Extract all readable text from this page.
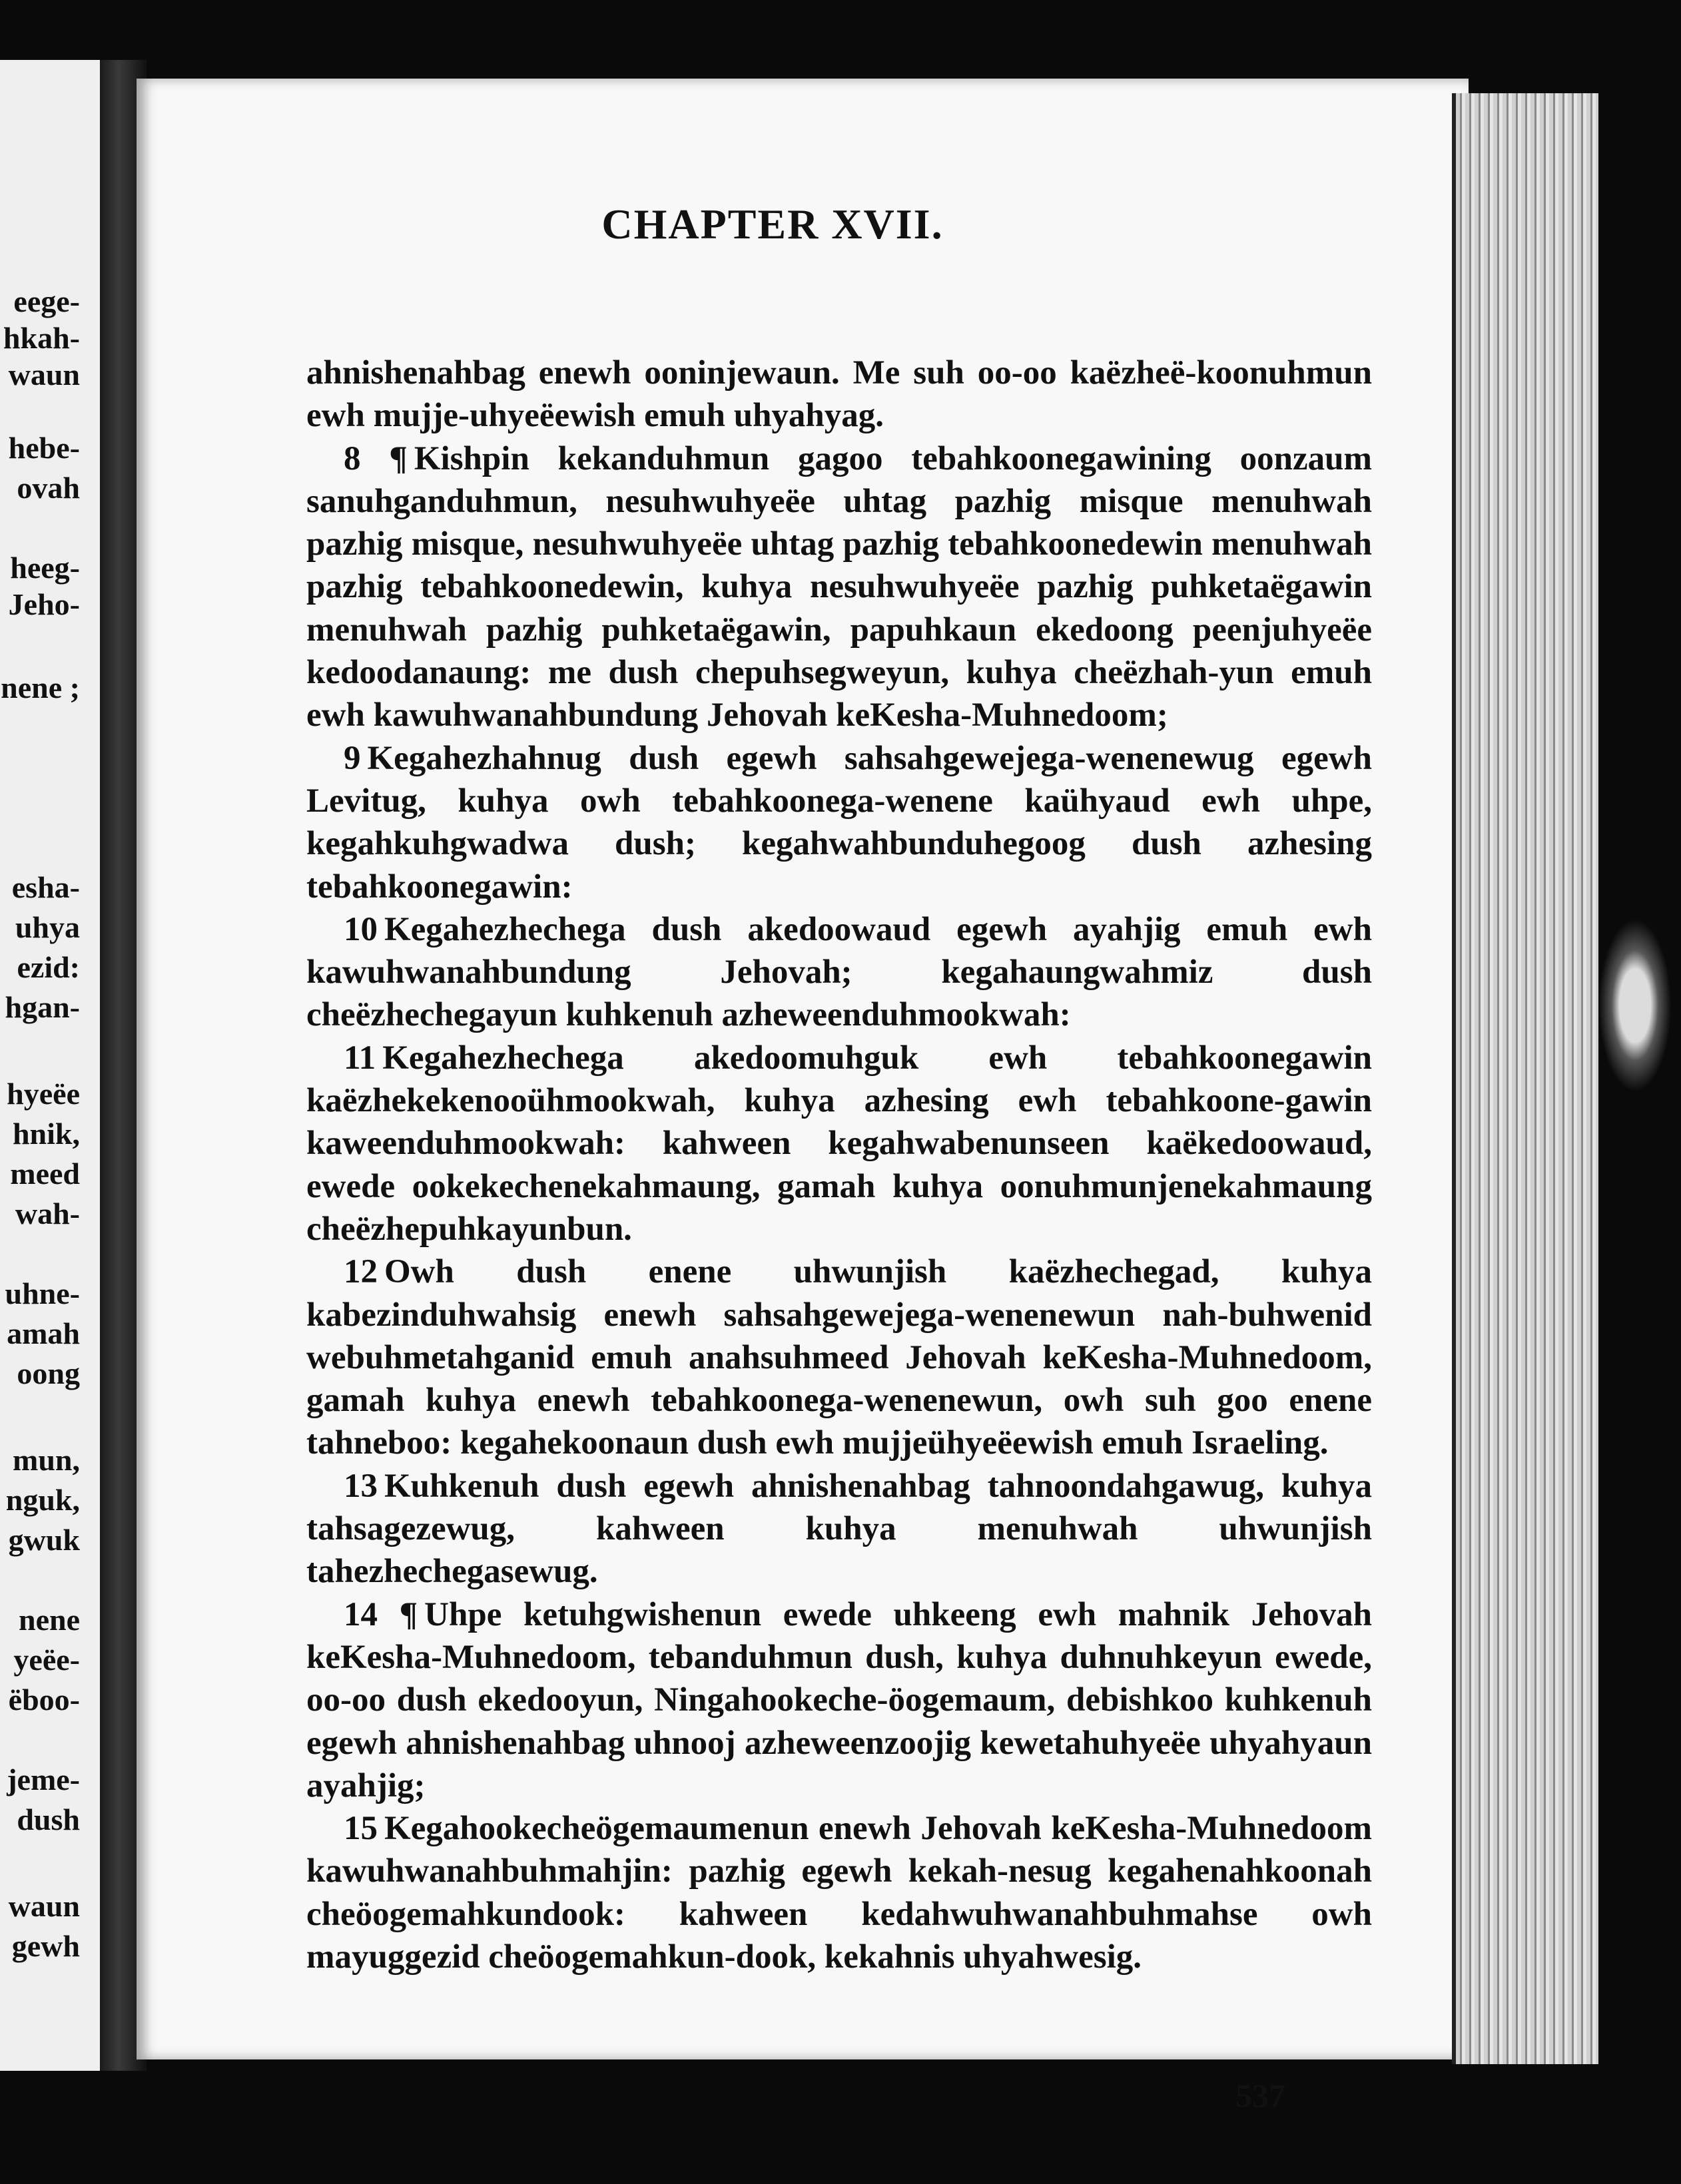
eege-
hkah-
waun
hebe-
ovah
heeg-
Jeho-
nene ;
esha-
uhya
ezid:
hgan-
hyeëe
hnik,
meed
wah-
uhne-
amah
oong
mun,
nguk,
gwuk
nene
yeëe-
ëboo-
jeme-
dush
waun
gewh
CHAPTER XVII.

ahnishenahbag enewh ooninjewaun. Me suh oo-oo kaëzheë-koonuhmun ewh mujje-uhyeëewish emuh uhyahyag.

8 ¶ Kishpin kekanduhmun gagoo tebahkoonegawining oonzaum sanuhganduhmun, nesuhwuhyeëe uhtag pazhig misque menuhwah pazhig misque, nesuhwuhyeëe uhtag pazhig tebahkoonedewin menuhwah pazhig tebahkoonedewin, kuhya nesuhwuhyeëe pazhig puhketaëgawin menuhwah pazhig puhketaëgawin, papuhkaun ekedoong peenjuhyeëe kedoodanaung: me dush chepuhsegweyun, kuhya cheëzhah-yun emuh ewh kawuhwanahbundung Jehovah keKesha-Muhnedoom;

9 Kegahezhahnug dush egewh sahsahgewejega-wenenewug egewh Levitug, kuhya owh tebahkoonega-wenene kaühyaud ewh uhpe, kegahkuhgwadwa dush; kegahwahbunduhegoog dush azhesing tebahkoonegawin:

10 Kegahezhechega dush akedoowaud egewh ayahjig emuh ewh kawuhwanahbundung Jehovah; kegahaungwahmiz dush cheëzhechegayun kuhkenuh azheweenduhmookwah:

11 Kegahezhechega akedoomuhguk ewh tebahkoonegawin kaëzhekekenooühmookwah, kuhya azhesing ewh tebahkoone-gawin kaweenduhmookwah: kahween kegahwabenunseen kaëkedoowaud, ewede ookekechenekahmaung, gamah kuhya oonuhmunjenekahmaung cheëzhepuhkayunbun.

12 Owh dush enene uhwunjish kaëzhechegad, kuhya kabezinduhwahsig enewh sahsahgewejega-wenenewun nah-buhwenid webuhmetahganid emuh anahsuhmeed Jehovah keKesha-Muhnedoom, gamah kuhya enewh tebahkoonega-wenenewun, owh suh goo enene tahneboo: kegahekoonaun dush ewh mujjeühyeëewish emuh Israeling.

13 Kuhkenuh dush egewh ahnishenahbag tahnoondahgawug, kuhya tahsagezewug, kahween kuhya menuhwah uhwunjish tahezhechegasewug.

14 ¶ Uhpe ketuhgwishenun ewede uhkeeng ewh mahnik Jehovah keKesha-Muhnedoom, tebanduhmun dush, kuhya duhnuhkeyun ewede, oo-oo dush ekedooyun, Ningahookeche-öogemaum, debishkoo kuhkenuh egewh ahnishenahbag uhnooj azheweenzoojig kewetahuhyeëe uhyahyaun ayahjig;

15 Kegahookecheögemaumenun enewh Jehovah keKesha-Muhnedoom kawuhwanahbuhmahjin: pazhig egewh kekah-nesug kegahenahkoonah cheöogemahkundook: kahween kedahwuhwanahbuhmahse owh mayuggezid cheöogemahkun-dook, kekahnis uhyahwesig.

537
